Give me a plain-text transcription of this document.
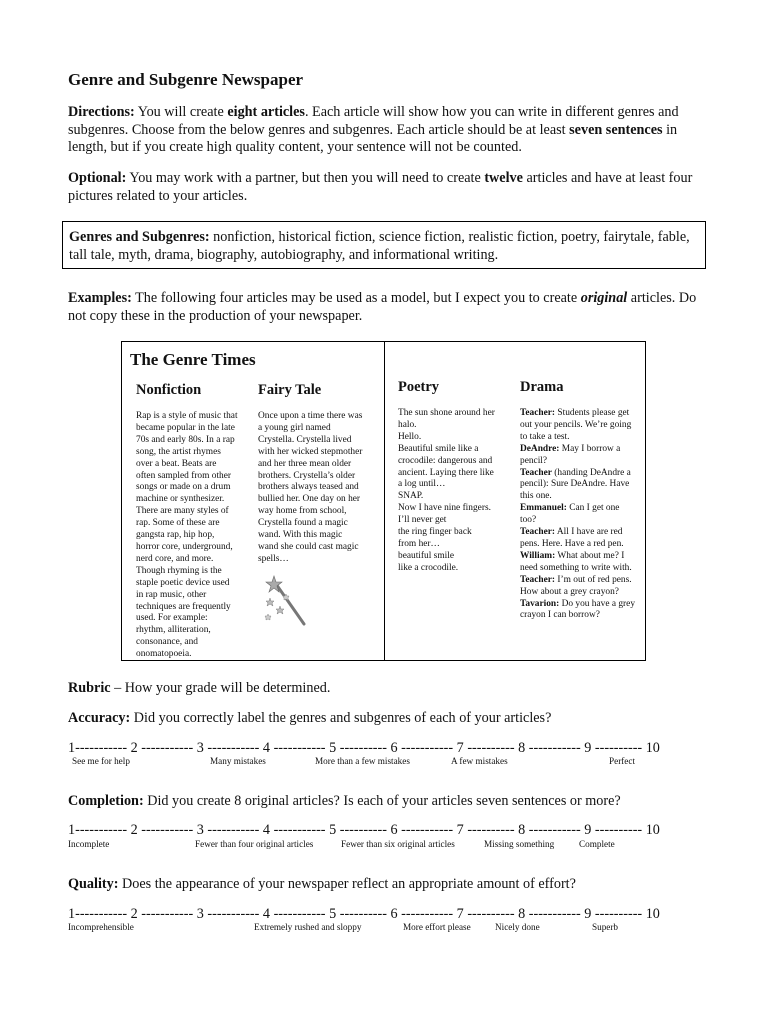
Genre and Subgenre Newspaper
Directions: You will create eight articles. Each article will show how you can write in different genres and subgenres. Choose from the below genres and subgenres. Each article should be at least seven sentences in length, but if you create high quality content, your sentence will not be counted.
Optional: You may work with a partner, but then you will need to create twelve articles and have at least four pictures related to your articles.
Genres and Subgenres: nonfiction, historical fiction, science fiction, realistic fiction, poetry, fairytale, fable, tall tale, myth, drama, biography, autobiography, and informational writing.
Examples: The following four articles may be used as a model, but I expect you to create original articles. Do not copy these in the production of your newspaper.
The Genre Times
Nonfiction
Rap is a style of music that
became popular in the late
70s and early 80s. In a rap
song, the artist rhymes
over a beat. Beats are
often sampled from other
songs or made on a drum
machine or synthesizer.
There are many styles of
rap. Some of these are
gangsta rap, hip hop,
horror core, underground,
nerd core, and more.
Though rhyming is the
staple poetic device used
in rap music, other
techniques are frequently
used. For example:
rhythm, alliteration,
consonance, and
onomatopoeia.
Fairy Tale
Once upon a time there was
a young girl named
Crystella. Crystella lived
with her wicked stepmother
and her three mean older
brothers. Crystella’s older
brothers always teased and
bullied her. One day on her
way home from school,
Crystella found a magic
wand. With this magic
wand she could cast magic
spells…
Poetry
The sun shone around her
halo.
Hello.
Beautiful smile like a
crocodile: dangerous and
ancient. Laying there like
a log until…
SNAP.
Now I have nine fingers.
I’ll never get
the ring finger back
from her…
beautiful smile
like a crocodile.
Drama
Teacher: Students please get out your pencils. We’re going to take a test.
DeAndre: May I borrow a pencil?
Teacher (handing DeAndre a pencil): Sure DeAndre. Have this one.
Emmanuel: Can I get one too?
Teacher: All I have are red pens. Here. Have a red pen.
William: What about me? I need something to write with.
Teacher: I’m out of red pens. How about a grey crayon?
Tavarion: Do you have a grey crayon I can borrow?
Rubric – How your grade will be determined.
Accuracy: Did you correctly label the genres and subgenres of each of your articles?
1----------- 2 ----------- 3 ----------- 4 ----------- 5 ---------- 6 ----------- 7 ---------- 8 ----------- 9 ---------- 10
See me for help	Many mistakes	More than a few mistakes	A few mistakes	Perfect
Completion: Did you create 8 original articles? Is each of your articles seven sentences or more?
1----------- 2 ----------- 3 ----------- 4 ----------- 5 ---------- 6 ----------- 7 ---------- 8 ----------- 9 ---------- 10
Incomplete	Fewer than four original articles	Fewer than six original articles	Missing something	Complete
Quality: Does the appearance of your newspaper reflect an appropriate amount of effort?
1----------- 2 ----------- 3 ----------- 4 ----------- 5 ---------- 6 ----------- 7 ---------- 8 ----------- 9 ---------- 10
Incomprehensible	Extremely rushed and sloppy	More effort please	Nicely done	Superb
